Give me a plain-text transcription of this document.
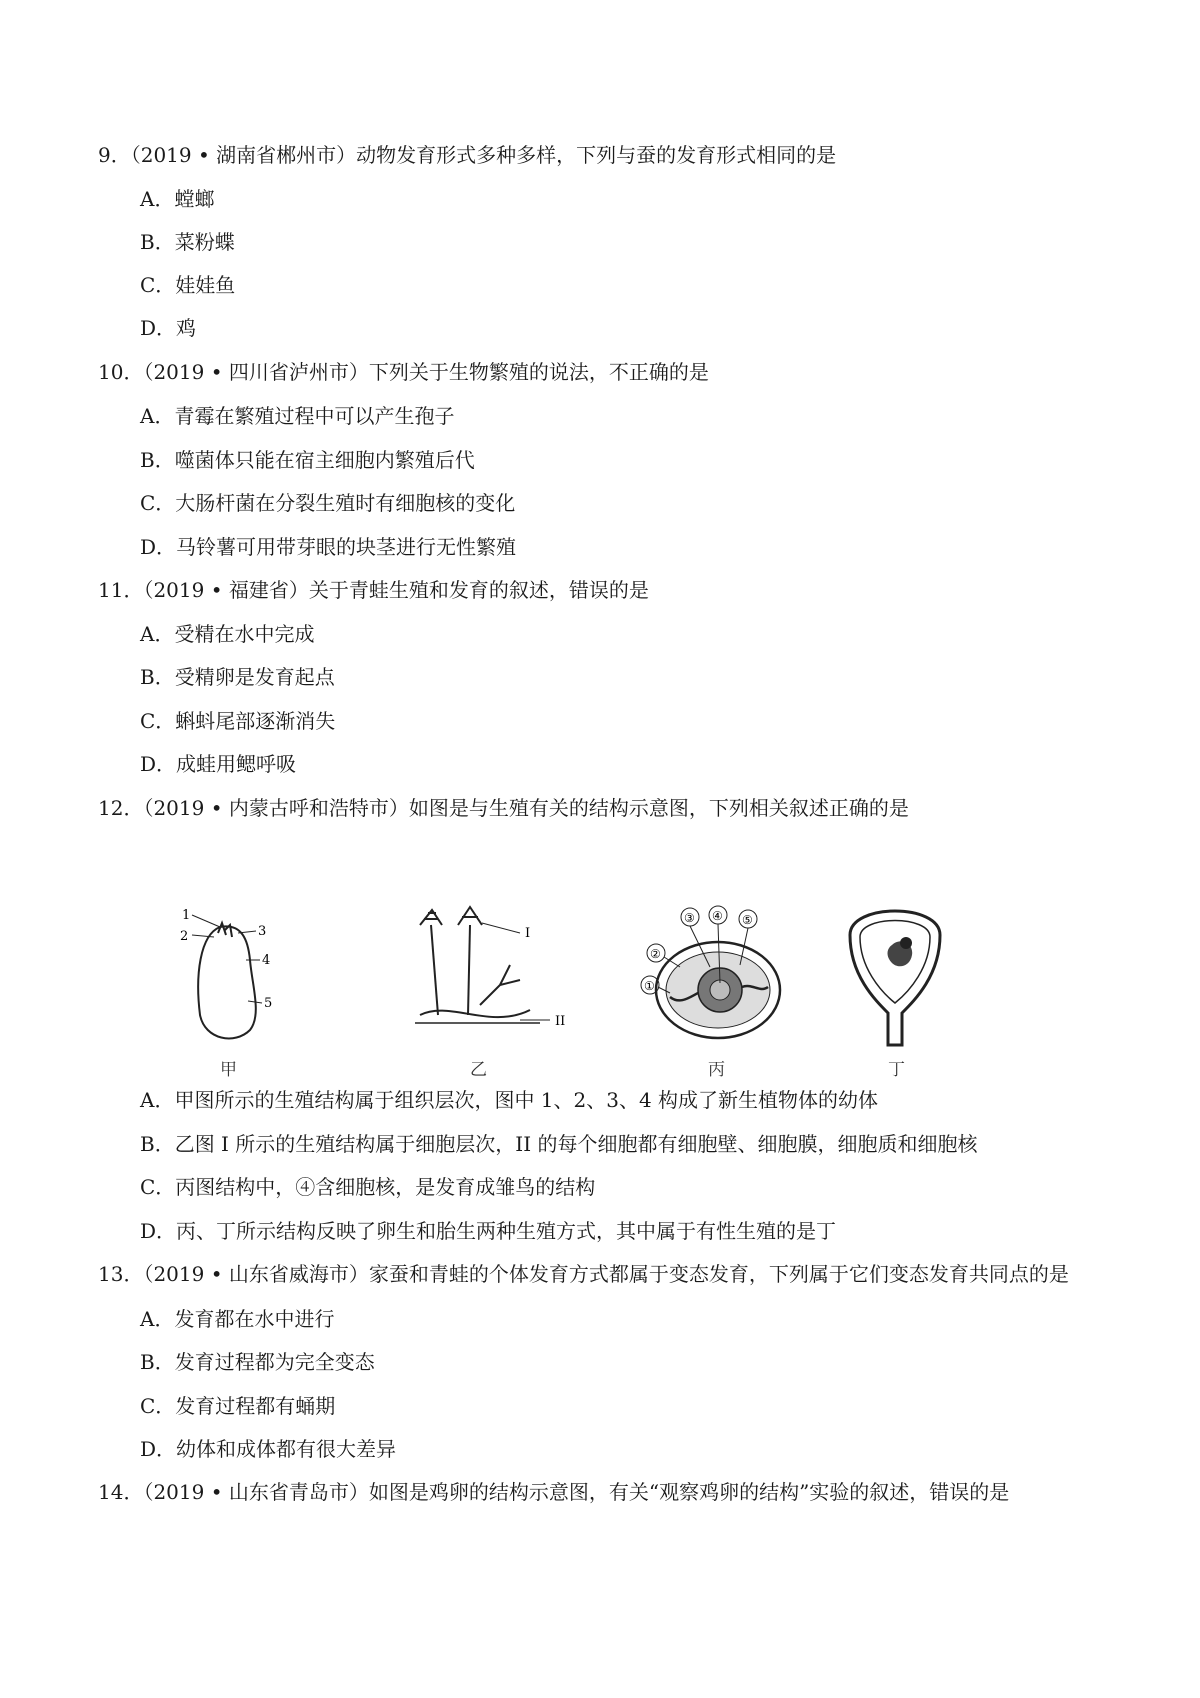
9．（2019 • 湖南省郴州市）动物发育形式多种多样，下列与蚕的发育形式相同的是
A．螳螂
B．菜粉蝶
C．娃娃鱼
D．鸡
10．（2019 • 四川省泸州市）下列关于生物繁殖的说法，不正确的是
A．青霉在繁殖过程中可以产生孢子
B．噬菌体只能在宿主细胞内繁殖后代
C．大肠杆菌在分裂生殖时有细胞核的变化
D．马铃薯可用带芽眼的块茎进行无性繁殖
11．（2019 • 福建省）关于青蛙生殖和发育的叙述，错误的是
A．受精在水中完成
B．受精卵是发育起点
C．蝌蚪尾部逐渐消失
D．成蛙用鳃呼吸
12．（2019 • 内蒙古呼和浩特市）如图是与生殖有关的结构示意图，下列相关叙述正确的是
1
2	3
4
5
甲
I
II
乙
③ ④ ⑤
②
①
丙	丁
A．甲图所示的生殖结构属于组织层次，图中 1、2、3、4 构成了新生植物体的幼体
B．乙图 I 所示的生殖结构属于细胞层次，II 的每个细胞都有细胞壁、细胞膜，细胞质和细胞核
C．丙图结构中，④含细胞核，是发育成雏鸟的结构
D．丙、丁所示结构反映了卵生和胎生两种生殖方式，其中属于有性生殖的是丁
13．（2019 • 山东省威海市）家蚕和青蛙的个体发育方式都属于变态发育，下列属于它们变态发育共同点的是
A．发育都在水中进行
B．发育过程都为完全变态
C．发育过程都有蛹期
D．幼体和成体都有很大差异
14．（2019 • 山东省青岛市）如图是鸡卵的结构示意图，有关“观察鸡卵的结构”实验的叙述，错误的是
